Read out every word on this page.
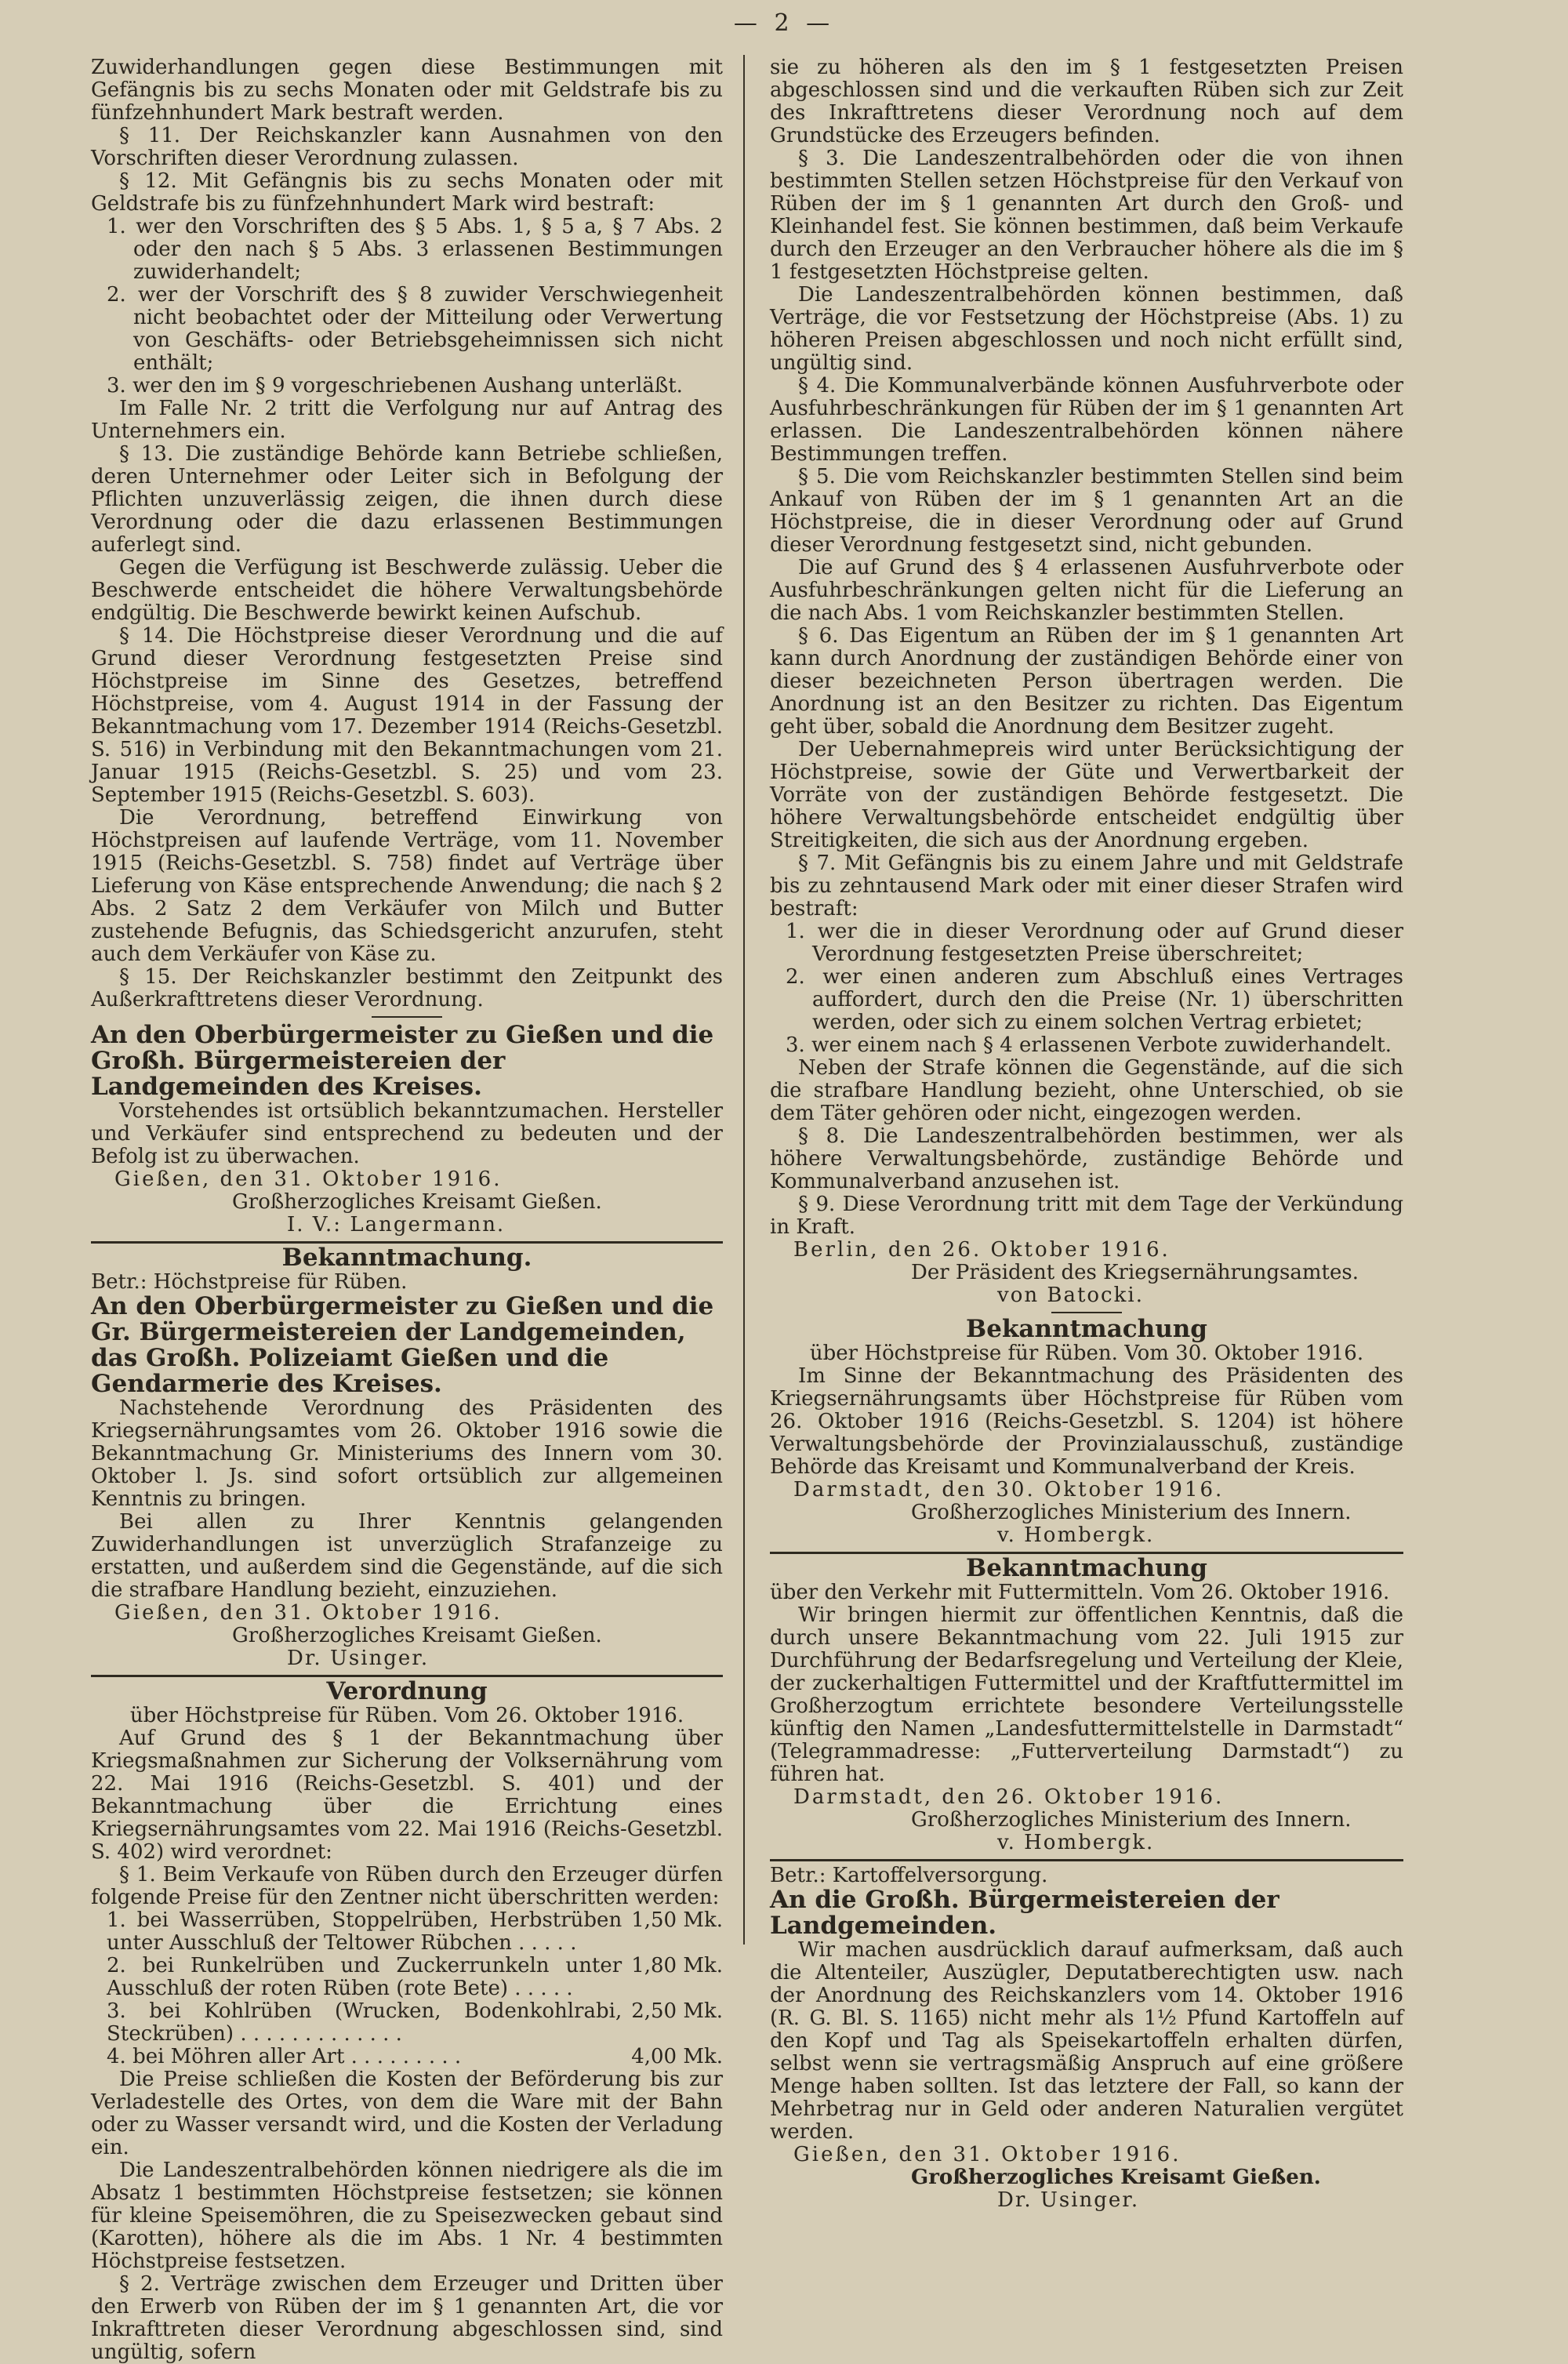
— 2 —

Zuwiderhandlungen gegen diese Bestimmungen mit Gefängnis bis zu sechs Monaten oder mit Geldstrafe bis zu fünfzehnhundert Mark bestraft werden.

§ 11. Der Reichskanzler kann Ausnahmen von den Vorschriften dieser Verordnung zulassen.

§ 12. Mit Gefängnis bis zu sechs Monaten oder mit Geldstrafe bis zu fünfzehnhundert Mark wird bestraft:

1. wer den Vorschriften des § 5 Abs. 1, § 5 a, § 7 Abs. 2 oder den nach § 5 Abs. 3 erlassenen Bestimmungen zuwiderhandelt;

2. wer der Vorschrift des § 8 zuwider Verschwiegenheit nicht beobachtet oder der Mitteilung oder Verwertung von Geschäfts- oder Betriebsgeheimnissen sich nicht enthält;

3. wer den im § 9 vorgeschriebenen Aushang unterläßt.

Im Falle Nr. 2 tritt die Verfolgung nur auf Antrag des Unternehmers ein.

§ 13. Die zuständige Behörde kann Betriebe schließen, deren Unternehmer oder Leiter sich in Befolgung der Pflichten unzuverlässig zeigen, die ihnen durch diese Verordnung oder die dazu erlassenen Bestimmungen auferlegt sind.

Gegen die Verfügung ist Beschwerde zulässig. Ueber die Beschwerde entscheidet die höhere Verwaltungsbehörde endgültig. Die Beschwerde bewirkt keinen Aufschub.

§ 14. Die Höchstpreise dieser Verordnung und die auf Grund dieser Verordnung festgesetzten Preise sind Höchstpreise im Sinne des Gesetzes, betreffend Höchstpreise, vom 4. August 1914 in der Fassung der Bekanntmachung vom 17. Dezember 1914 (Reichs-Gesetzbl. S. 516) in Verbindung mit den Bekanntmachungen vom 21. Januar 1915 (Reichs-Gesetzbl. S. 25) und vom 23. September 1915 (Reichs-Gesetzbl. S. 603).

Die Verordnung, betreffend Einwirkung von Höchstpreisen auf laufende Verträge, vom 11. November 1915 (Reichs-Gesetzbl. S. 758) findet auf Verträge über Lieferung von Käse entsprechende Anwendung; die nach § 2 Abs. 2 Satz 2 dem Verkäufer von Milch und Butter zustehende Befugnis, das Schiedsgericht anzurufen, steht auch dem Verkäufer von Käse zu.

§ 15. Der Reichskanzler bestimmt den Zeitpunkt des Außerkrafttretens dieser Verordnung.

An den Oberbürgermeister zu Gießen und die Großh. Bürgermeistereien der Landgemeinden des Kreises.

Vorstehendes ist ortsüblich bekanntzumachen. Hersteller und Verkäufer sind entsprechend zu bedeuten und der Befolg ist zu überwachen.

Gießen, den 31. Oktober 1916.

Großherzogliches Kreisamt Gießen.

I. V.: Langermann.

Bekanntmachung.

Betr.: Höchstpreise für Rüben.

An den Oberbürgermeister zu Gießen und die Gr. Bürgermeistereien der Landgemeinden, das Großh. Polizeiamt Gießen und die Gendarmerie des Kreises.

Nachstehende Verordnung des Präsidenten des Kriegsernährungsamtes vom 26. Oktober 1916 sowie die Bekanntmachung Gr. Ministeriums des Innern vom 30. Oktober l. Js. sind sofort ortsüblich zur allgemeinen Kenntnis zu bringen.

Bei allen zu Ihrer Kenntnis gelangenden Zuwiderhandlungen ist unverzüglich Strafanzeige zu erstatten, und außerdem sind die Gegenstände, auf die sich die strafbare Handlung bezieht, einzuziehen.

Gießen, den 31. Oktober 1916.

Großherzogliches Kreisamt Gießen.

Dr. Usinger.

Verordnung

über Höchstpreise für Rüben. Vom 26. Oktober 1916.

Auf Grund des § 1 der Bekanntmachung über Kriegsmaßnahmen zur Sicherung der Volksernährung vom 22. Mai 1916 (Reichs-Gesetzbl. S. 401) und der Bekanntmachung über die Errichtung eines Kriegsernährungsamtes vom 22. Mai 1916 (Reichs-Gesetzbl. S. 402) wird verordnet:

§ 1. Beim Verkaufe von Rüben durch den Erzeuger dürfen folgende Preise für den Zentner nicht überschritten werden:

1. bei Wasserrüben, Stoppelrüben, Herbstrüben unter Ausschluß der Teltower Rübchen . . . . .
1,50 Mk.
2. bei Runkelrüben und Zuckerrunkeln unter Ausschluß der roten Rüben (rote Bete) . . . . .
1,80 Mk.
3. bei Kohlrüben (Wrucken, Bodenkohlrabi, Steckrüben) . . . . . . . . . . . . .
2,50 Mk.
4. bei Möhren aller Art . . . . . . . . .	4,00 Mk.

Die Preise schließen die Kosten der Beförderung bis zur Verladestelle des Ortes, von dem die Ware mit der Bahn oder zu Wasser versandt wird, und die Kosten der Verladung ein.

Die Landeszentralbehörden können niedrigere als die im Absatz 1 bestimmten Höchstpreise festsetzen; sie können für kleine Speisemöhren, die zu Speisezwecken gebaut sind (Karotten), höhere als die im Abs. 1 Nr. 4 bestimmten Höchstpreise festsetzen.

§ 2. Verträge zwischen dem Erzeuger und Dritten über den Erwerb von Rüben der im § 1 genannten Art, die vor Inkrafttreten dieser Verordnung abgeschlossen sind, sind ungültig, sofern

sie zu höheren als den im § 1 festgesetzten Preisen abgeschlossen sind und die verkauften Rüben sich zur Zeit des Inkrafttretens dieser Verordnung noch auf dem Grundstücke des Erzeugers befinden.

§ 3. Die Landeszentralbehörden oder die von ihnen bestimmten Stellen setzen Höchstpreise für den Verkauf von Rüben der im § 1 genannten Art durch den Groß- und Kleinhandel fest. Sie können bestimmen, daß beim Verkaufe durch den Erzeuger an den Verbraucher höhere als die im § 1 festgesetzten Höchstpreise gelten.

Die Landeszentralbehörden können bestimmen, daß Verträge, die vor Festsetzung der Höchstpreise (Abs. 1) zu höheren Preisen abgeschlossen und noch nicht erfüllt sind, ungültig sind.

§ 4. Die Kommunalverbände können Ausfuhrverbote oder Ausfuhrbeschränkungen für Rüben der im § 1 genannten Art erlassen. Die Landeszentralbehörden können nähere Bestimmungen treffen.

§ 5. Die vom Reichskanzler bestimmten Stellen sind beim Ankauf von Rüben der im § 1 genannten Art an die Höchstpreise, die in dieser Verordnung oder auf Grund dieser Verordnung festgesetzt sind, nicht gebunden.

Die auf Grund des § 4 erlassenen Ausfuhrverbote oder Ausfuhrbeschränkungen gelten nicht für die Lieferung an die nach Abs. 1 vom Reichskanzler bestimmten Stellen.

§ 6. Das Eigentum an Rüben der im § 1 genannten Art kann durch Anordnung der zuständigen Behörde einer von dieser bezeichneten Person übertragen werden. Die Anordnung ist an den Besitzer zu richten. Das Eigentum geht über, sobald die Anordnung dem Besitzer zugeht.

Der Uebernahmepreis wird unter Berücksichtigung der Höchstpreise, sowie der Güte und Verwertbarkeit der Vorräte von der zuständigen Behörde festgesetzt. Die höhere Verwaltungsbehörde entscheidet endgültig über Streitigkeiten, die sich aus der Anordnung ergeben.

§ 7. Mit Gefängnis bis zu einem Jahre und mit Geldstrafe bis zu zehntausend Mark oder mit einer dieser Strafen wird bestraft:

1. wer die in dieser Verordnung oder auf Grund dieser Verordnung festgesetzten Preise überschreitet;

2. wer einen anderen zum Abschluß eines Vertrages auffordert, durch den die Preise (Nr. 1) überschritten werden, oder sich zu einem solchen Vertrag erbietet;

3. wer einem nach § 4 erlassenen Verbote zuwiderhandelt.

Neben der Strafe können die Gegenstände, auf die sich die strafbare Handlung bezieht, ohne Unterschied, ob sie dem Täter gehören oder nicht, eingezogen werden.

§ 8. Die Landeszentralbehörden bestimmen, wer als höhere Verwaltungsbehörde, zuständige Behörde und Kommunalverband anzusehen ist.

§ 9. Diese Verordnung tritt mit dem Tage der Verkündung in Kraft.

Berlin, den 26. Oktober 1916.

Der Präsident des Kriegsernährungsamtes.

von Batocki.

Bekanntmachung

über Höchstpreise für Rüben. Vom 30. Oktober 1916.

Im Sinne der Bekanntmachung des Präsidenten des Kriegsernährungsamts über Höchstpreise für Rüben vom 26. Oktober 1916 (Reichs-Gesetzbl. S. 1204) ist höhere Verwaltungsbehörde der Provinzialausschuß, zuständige Behörde das Kreisamt und Kommunalverband der Kreis.

Darmstadt, den 30. Oktober 1916.

Großherzogliches Ministerium des Innern.

v. Hombergk.

Bekanntmachung

über den Verkehr mit Futtermitteln. Vom 26. Oktober 1916.

Wir bringen hiermit zur öffentlichen Kenntnis, daß die durch unsere Bekanntmachung vom 22. Juli 1915 zur Durchführung der Bedarfsregelung und Verteilung der Kleie, der zuckerhaltigen Futtermittel und der Kraftfuttermittel im Großherzogtum errichtete besondere Verteilungsstelle künftig den Namen „Landesfuttermittelstelle in Darmstadt“ (Telegrammadresse: „Futterverteilung Darmstadt“) zu führen hat.

Darmstadt, den 26. Oktober 1916.

Großherzogliches Ministerium des Innern.

v. Hombergk.

Betr.: Kartoffelversorgung.

An die Großh. Bürgermeistereien der Landgemeinden.

Wir machen ausdrücklich darauf aufmerksam, daß auch die Altenteiler, Auszügler, Deputatberechtigten usw. nach der Anordnung des Reichskanzlers vom 14. Oktober 1916 (R. G. Bl. S. 1165) nicht mehr als 1½ Pfund Kartoffeln auf den Kopf und Tag als Speisekartoffeln erhalten dürfen, selbst wenn sie vertragsmäßig Anspruch auf eine größere Menge haben sollten. Ist das letztere der Fall, so kann der Mehrbetrag nur in Geld oder anderen Naturalien vergütet werden.

Gießen, den 31. Oktober 1916.

Großherzogliches Kreisamt Gießen.

Dr. Usinger.
